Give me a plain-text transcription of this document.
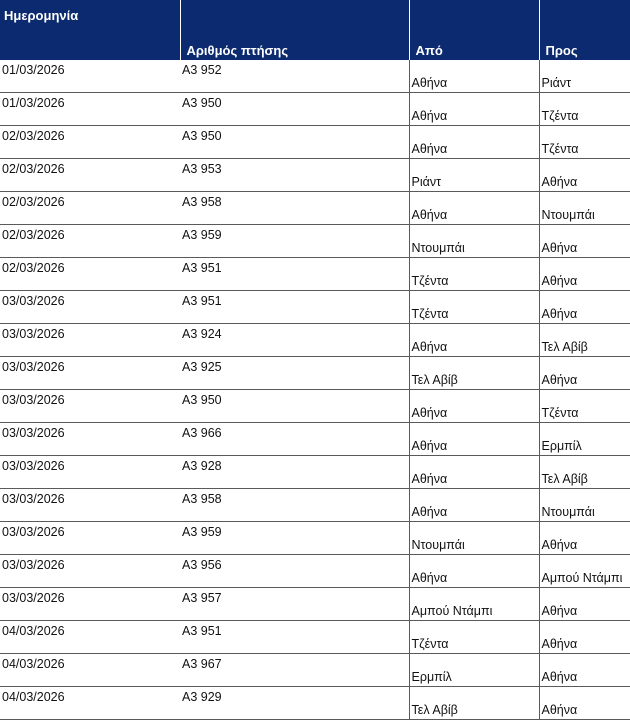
Ημερομηνία	Αριθμός πτήσης	Από	Προς

01/03/2026	A3 952	Αθήνα	Ριάντ

01/03/2026	A3 950	Αθήνα	Τζέντα

02/03/2026	A3 950	Αθήνα	Τζέντα

02/03/2026	A3 953	Ριάντ	Αθήνα

02/03/2026	A3 958	Αθήνα	Ντουμπάι

02/03/2026	A3 959	Ντουμπάι	Αθήνα

02/03/2026	A3 951	Τζέντα	Αθήνα

03/03/2026	A3 951	Τζέντα	Αθήνα

03/03/2026	A3 924	Αθήνα	Τελ Αβίβ

03/03/2026	A3 925	Τελ Αβίβ	Αθήνα

03/03/2026	A3 950	Αθήνα	Τζέντα

03/03/2026	A3 966	Αθήνα	Ερμπίλ

03/03/2026	A3 928	Αθήνα	Τελ Αβίβ

03/03/2026	A3 958	Αθήνα	Ντουμπάι

03/03/2026	A3 959	Ντουμπάι	Αθήνα

03/03/2026	A3 956	Αθήνα	Αμπού Ντάμπι

03/03/2026	A3 957	Αμπού Ντάμπι	Αθήνα

04/03/2026	A3 951	Τζέντα	Αθήνα

04/03/2026	A3 967	Ερμπίλ	Αθήνα

04/03/2026	A3 929	Τελ Αβίβ	Αθήνα
